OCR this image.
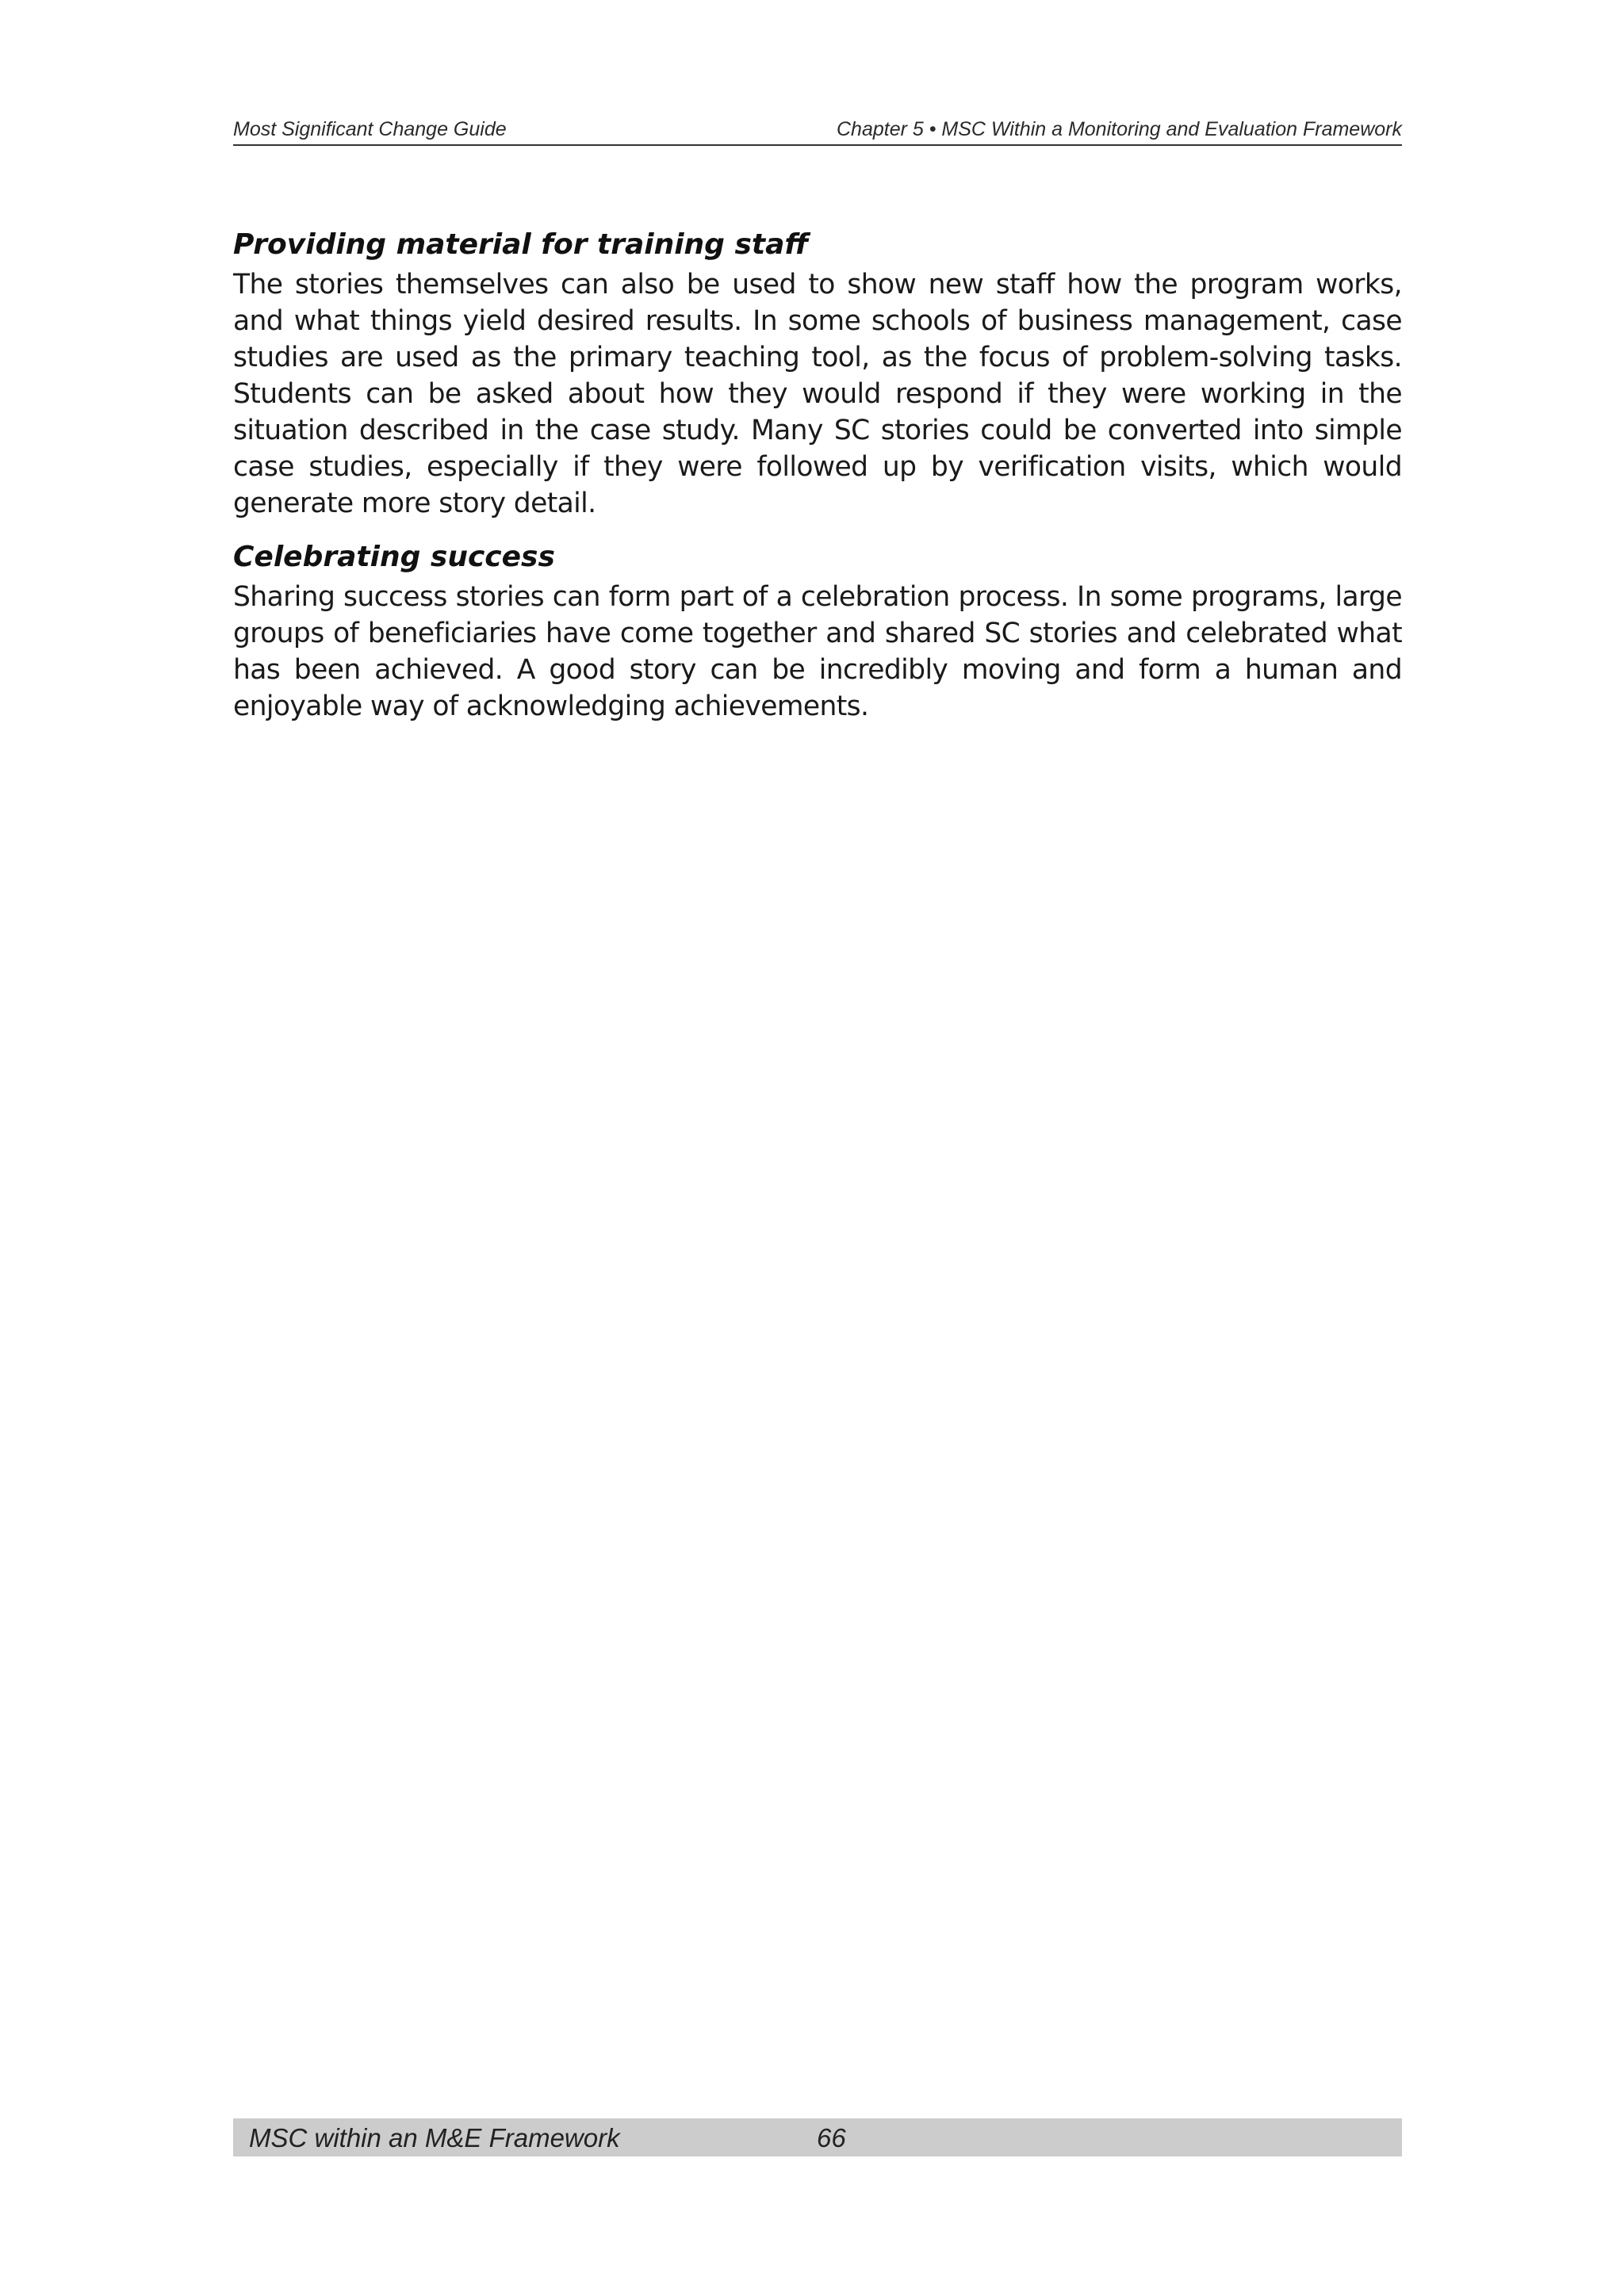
Most Significant Change Guide	Chapter 5 • MSC Within a Monitoring and Evaluation Framework
Providing material for training staff

The stories themselves can also be used to show new staff how the program works, and what things yield desired results. In some schools of business management, case studies are used as the primary teaching tool, as the focus of problem-solving tasks. Students can be asked about how they would respond if they were working in the situation described in the case study. Many SC stories could be converted into simple case studies, especially if they were followed up by verification visits, which would generate more story detail.

Celebrating success

Sharing success stories can form part of a celebration process. In some programs, large groups of beneficiaries have come together and shared SC stories and celebrated what has been achieved. A good story can be incredibly moving and form a human and enjoyable way of acknowledging achievements.

MSC within an M&E Framework	66
